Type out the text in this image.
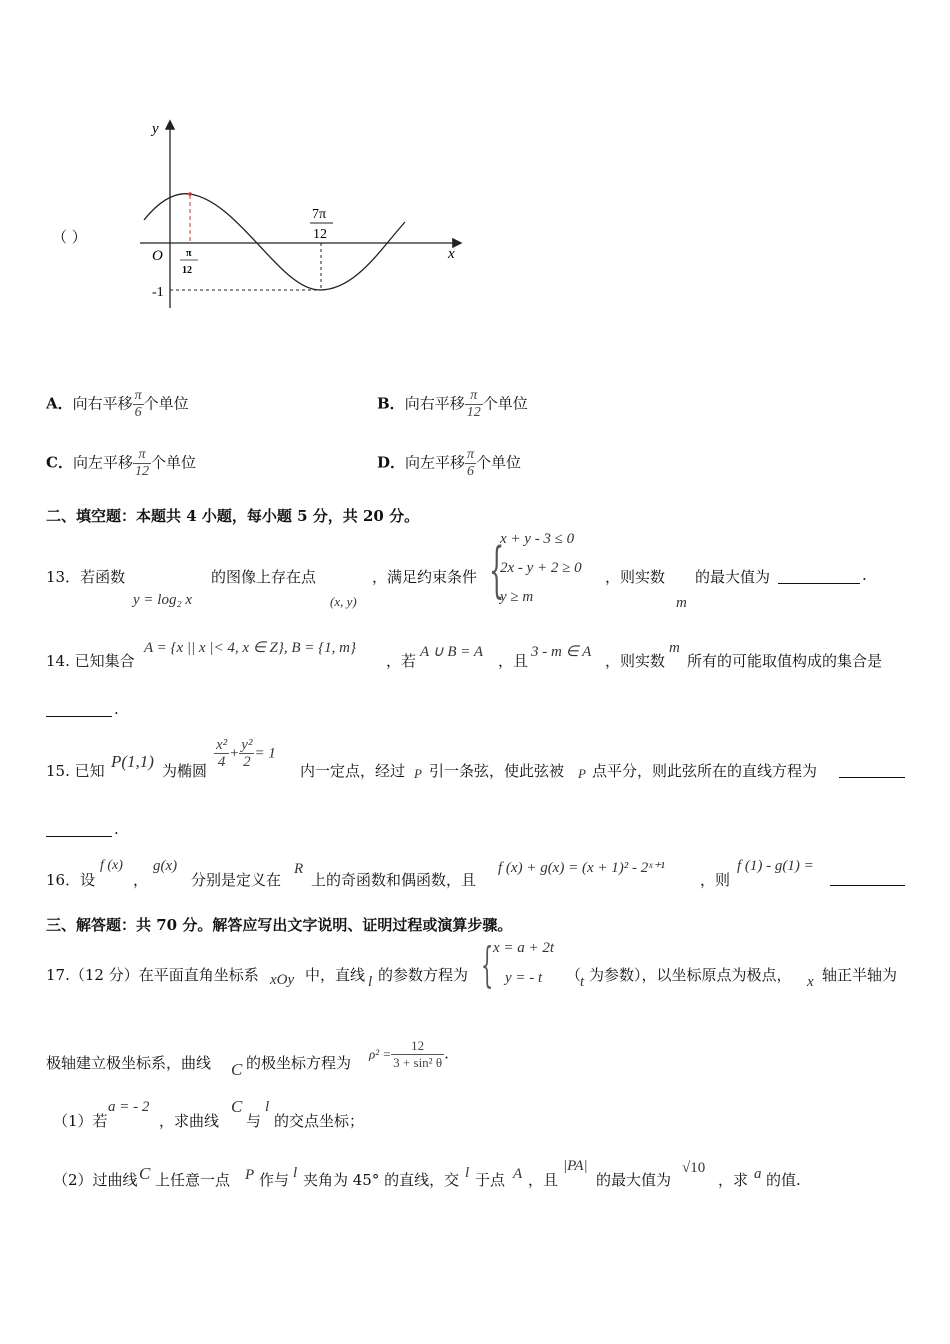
（ ）
y
x
O π
12
7π
12
-1
A．向右平移 $\frac{\pi}{6}$ 个单位	B．向右平移 $\frac{\pi}{12}$ 个单位
C．向左平移 $\frac{\pi}{12}$ 个单位	D．向左平移 $\frac{\pi}{6}$ 个单位
二、填空题：本题共 4 小题，每小题 5 分，共 20 分。
13．若函数
y = log₂ x
的图像上存在点
(x, y)
，满足约束条件 {
x + y - 3 ≤ 0
2x - y + 2 ≥ 0
y ≥ m
，则实数
m
的最大值为	.
14. 已知集合
A = {x || x |< 4, x ∈ Z}, B = {1, m}
，若 A ∪ B = A ，且 3 - m ∈ A ，则实数
m
所有的可能取值构成的集合是
.
15. 已知 P(1,1) 为椭圆
$\frac{\text{x²}}{4} + \frac{\text{y²}}{2} = 1$
内一定点，经过 P 引一条弦，使此弦被 P 点平分，则此弦所在的直线方程为
.
16．设
f (x)
，
g(x)
分别是定义在
R
上的奇函数和偶函数，且
f (x) + g(x) = (x + 1)² - 2ˣ⁺¹
，则
f (1) - g(1) =
三、解答题：共 70 分。解答应写出文字说明、证明过程或演算步骤。
17.（12 分）在平面直角坐标系 xOy 中，直线 l 的参数方程为 { x = a + 2t
y = - t （
t 为参数），以坐标原点为极点， x 轴正半轴为
极轴建立极坐标系，曲线 C 的极坐标方程为 $\rho^2 = \frac{12}{\text{3 + sin² θ}}$ .
（1）若
a = - 2
，求曲线
C
与
l
的交点坐标；
（2）过曲线 C 上任意一点 P 作与 l 夹角为 45° 的直线，交 l 于点 A ，且
|PA|
的最大值为
√10
，求 a 的值.
